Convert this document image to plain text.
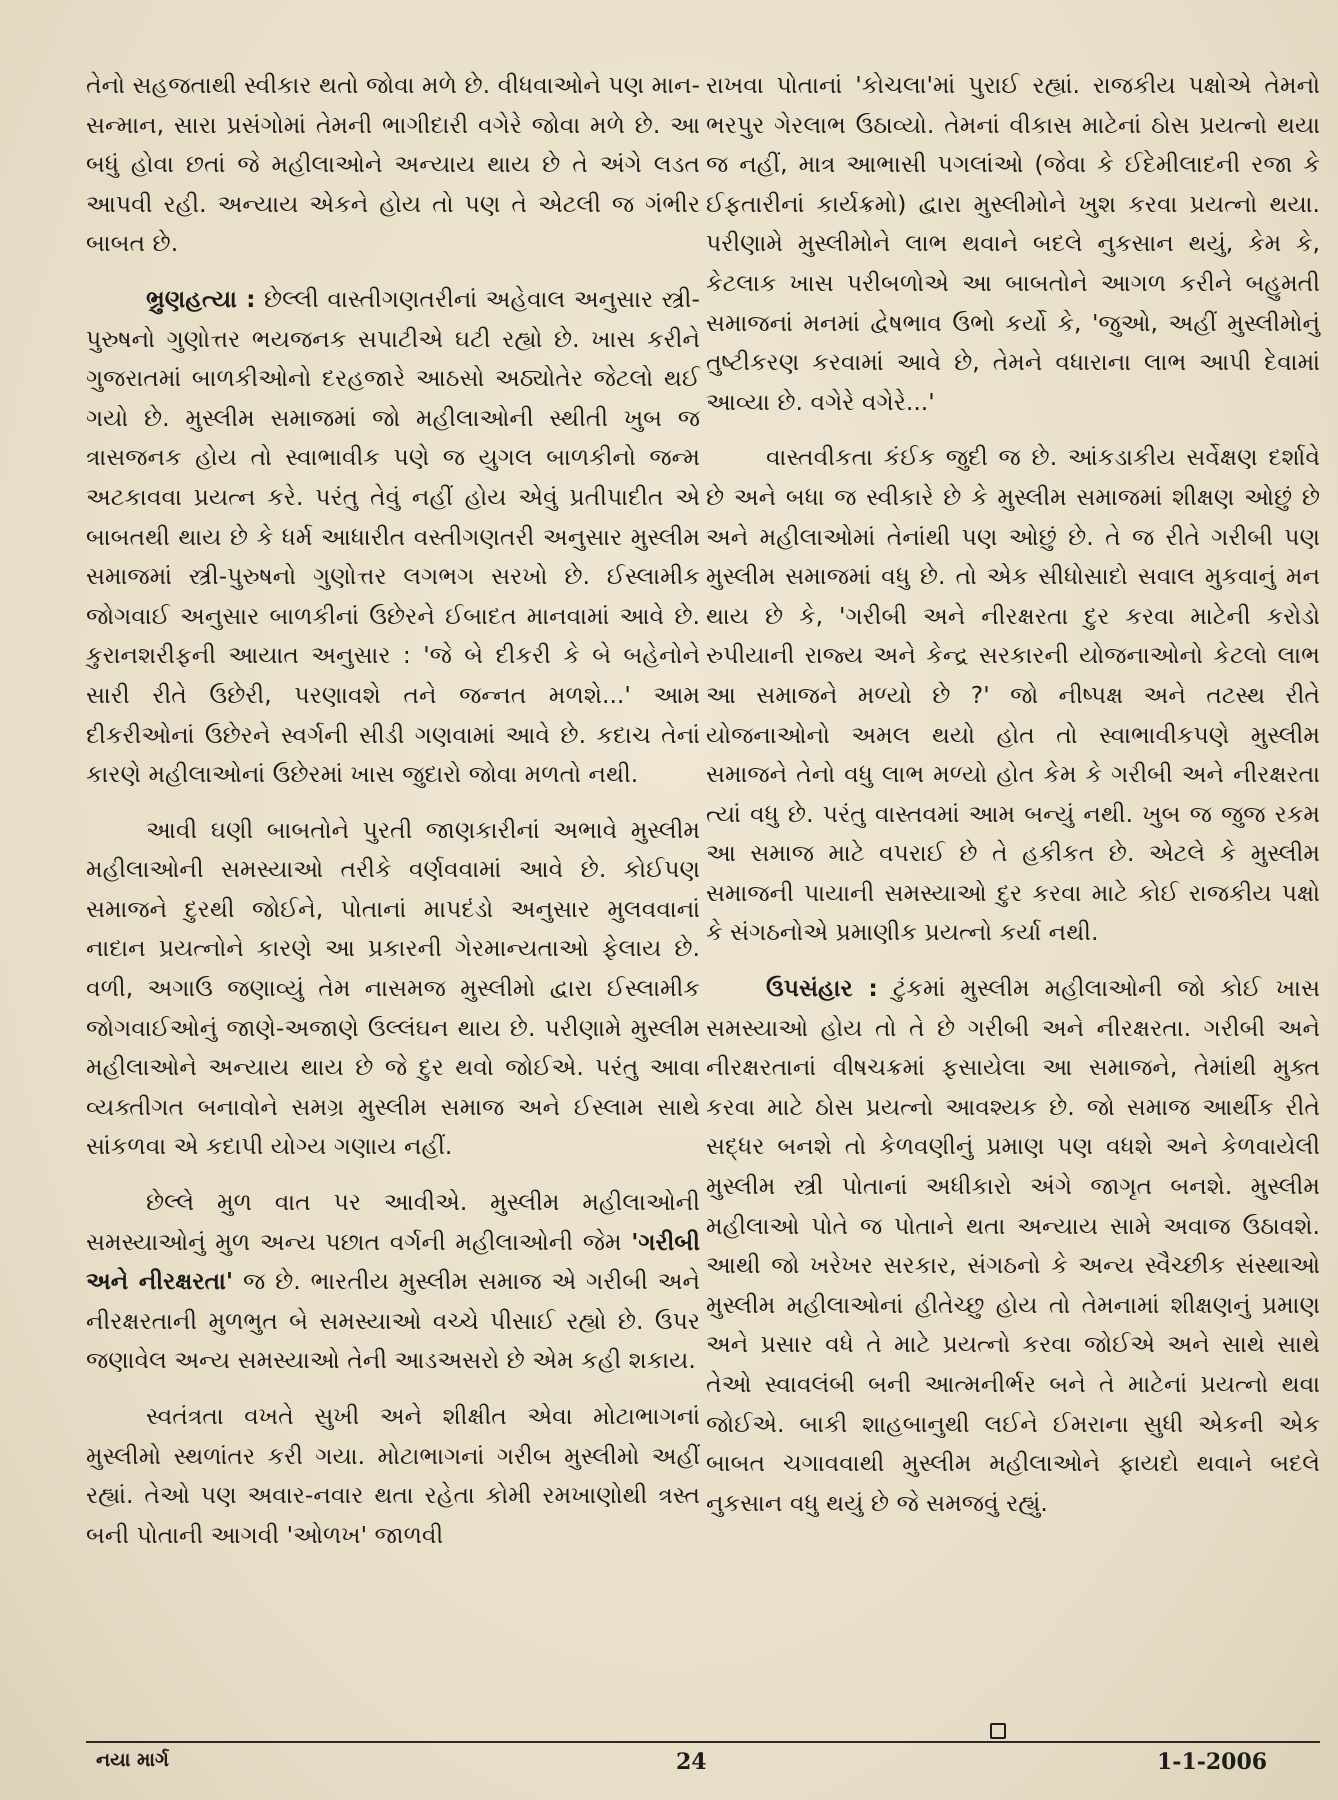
તેનો સહજતાથી સ્વીકાર થતો જોવા મળે છે. વીધવાઓને પણ માન-સન્માન, સારા પ્રસંગોમાં તેમની ભાગીદારી વગેરે જોવા મળે છે. આ બધું હોવા છતાં જે મહીલાઓને અન્યાય થાય છે તે અંગે લડત આપવી રહી. અન્યાય એકને હોય તો પણ તે એટલી જ ગંભીર બાબત છે.

ભ્રુણહત્યા : છેલ્લી વાસ્તીગણતરીનાં અહેવાલ અનુસાર સ્ત્રી-પુરુષનો ગુણોત્તર ભયજનક સપાટીએ ઘટી રહ્યો છે. ખાસ કરીને ગુજરાતમાં બાળકીઓનો દરહજારે આઠસો અઠ્યોતેર જેટલો થઈ ગયો છે. મુસ્લીમ સમાજમાં જો મહીલાઓની સ્થીતી ખુબ જ ત્રાસજનક હોય તો સ્વાભાવીક પણે જ યુગલ બાળકીનો જન્મ અટકાવવા પ્રયત્ન કરે. પરંતુ તેવું નહીં હોય એવું પ્રતીપાદીત એ બાબતથી થાય છે કે ધર્મ આધારીત વસ્તીગણતરી અનુસાર મુસ્લીમ સમાજમાં સ્ત્રી-પુરુષનો ગુણોત્તર લગભગ સરખો છે. ઈસ્લામીક જોગવાઈ અનુસાર બાળકીનાં ઉછેરને ઈબાદત માનવામાં આવે છે. કુરાનશરીફની આયાત અનુસાર : 'જે બે દીકરી કે બે બહેનોને સારી રીતે ઉછેરી, પરણાવશે તને જન્નત મળશે...' આમ દીકરીઓનાં ઉછેરને સ્વર્ગની સીડી ગણવામાં આવે છે. કદાચ તેનાં કારણે મહીલાઓનાં ઉછેરમાં ખાસ જુદારો જોવા મળતો નથી.

આવી ઘણી બાબતોને પુરતી જાણકારીનાં અભાવે મુસ્લીમ મહીલાઓની સમસ્યાઓ તરીકે વર્ણવવામાં આવે છે. કોઈપણ સમાજને દુરથી જોઈને, પોતાનાં માપદંડો અનુસાર મુલવવાનાં નાદાન પ્રયત્નોને કારણે આ પ્રકારની ગેરમાન્યતાઓ ફેલાય છે. વળી, અગાઉ જણાવ્યું તેમ નાસમજ મુસ્લીમો દ્વારા ઈસ્લામીક જોગવાઈઓનું જાણે-અજાણે ઉલ્લંઘન થાય છે. પરીણામે મુસ્લીમ મહીલાઓને અન્યાય થાય છે જે દુર થવો જોઈએ. પરંતુ આવા વ્યક્તીગત બનાવોને સમગ્ર મુસ્લીમ સમાજ અને ઈસ્લામ સાથે સાંકળવા એ કદાપી યોગ્ય ગણાય નહીં.

છેલ્લે મુળ વાત પર આવીએ. મુસ્લીમ મહીલાઓની સમસ્યાઓનું મુળ અન્ય પછાત વર્ગની મહીલાઓની જેમ 'ગરીબી અને નીરક્ષરતા' જ છે. ભારતીય મુસ્લીમ સમાજ એ ગરીબી અને નીરક્ષરતાની મુળભુત બે સમસ્યાઓ વચ્ચે પીસાઈ રહ્યો છે. ઉપર જણાવેલ અન્ય સમસ્યાઓ તેની આડઅસરો છે એમ કહી શકાય.

સ્વતંત્રતા વખતે સુખી અને શીક્ષીત એવા મોટાભાગનાં મુસ્લીમો સ્થળાંતર કરી ગયા. મોટાભાગનાં ગરીબ મુસ્લીમો અહીં રહ્યાં. તેઓ પણ અવાર-નવાર થતા રહેતા કોમી રમખાણોથી ત્રસ્ત બની પોતાની આગવી 'ઓળખ' જાળવી

રાખવા પોતાનાં 'કોચલા'માં પુરાઈ રહ્યાં. રાજકીય પક્ષોએ તેમનો ભરપુર ગેરલાભ ઉઠાવ્યો. તેમનાં વીકાસ માટેનાં ઠોસ પ્રયત્નો થયા જ નહીં, માત્ર આભાસી પગલાંઓ (જેવા કે ઈદેમીલાદની રજા કે ઈફતારીનાં કાર્યક્રમો) દ્વારા મુસ્લીમોને ખુશ કરવા પ્રયત્નો થયા. પરીણામે મુસ્લીમોને લાભ થવાને બદલે નુકસાન થયું, કેમ કે, કેટલાક ખાસ પરીબળોએ આ બાબતોને આગળ કરીને બહુમતી સમાજનાં મનમાં દ્વેષભાવ ઉભો કર્યો કે, 'જુઓ, અહીં મુસ્લીમોનું તુષ્ટીકરણ કરવામાં આવે છે, તેમને વધારાના લાભ આપી દેવામાં આવ્યા છે. વગેરે વગેરે...'

વાસ્તવીકતા કંઈક જુદી જ છે. આંકડાકીય સર્વેક્ષણ દર્શાવે છે અને બધા જ સ્વીકારે છે કે મુસ્લીમ સમાજમાં શીક્ષણ ઓછું છે અને મહીલાઓમાં તેનાંથી પણ ઓછું છે. તે જ રીતે ગરીબી પણ મુસ્લીમ સમાજમાં વધુ છે. તો એક સીધોસાદો સવાલ મુકવાનું મન થાય છે કે, 'ગરીબી અને નીરક્ષરતા દુર કરવા માટેની કરોડો રુપીયાની રાજ્ય અને કેન્દ્ર સરકારની યોજનાઓનો કેટલો લાભ આ સમાજને મળ્યો છે ?' જો નીષ્પક્ષ અને તટસ્થ રીતે યોજનાઓનો અમલ થયો હોત તો સ્વાભાવીકપણે મુસ્લીમ સમાજને તેનો વધુ લાભ મળ્યો હોત કેમ કે ગરીબી અને નીરક્ષરતા ત્યાં વધુ છે. પરંતુ વાસ્તવમાં આમ બન્યું નથી. ખુબ જ જુજ રકમ આ સમાજ માટે વપરાઈ છે તે હકીકત છે. એટલે કે મુસ્લીમ સમાજની પાયાની સમસ્યાઓ દુર કરવા માટે કોઈ રાજકીય પક્ષો કે સંગઠનોએ પ્રમાણીક પ્રયત્નો કર્યા નથી.

ઉપસંહાર : ટુંકમાં મુસ્લીમ મહીલાઓની જો કોઈ ખાસ સમસ્યાઓ હોય તો તે છે ગરીબી અને નીરક્ષરતા. ગરીબી અને નીરક્ષરતાનાં વીષચક્રમાં ફસાયેલા આ સમાજને, તેમાંથી મુક્ત કરવા માટે ઠોસ પ્રયત્નો આવશ્યક છે. જો સમાજ આર્થીક રીતે સદ્ધર બનશે તો કેળવણીનું પ્રમાણ પણ વધશે અને કેળવાયેલી મુસ્લીમ સ્ત્રી પોતાનાં અધીકારો અંગે જાગૃત બનશે. મુસ્લીમ મહીલાઓ પોતે જ પોતાને થતા અન્યાય સામે અવાજ ઉઠાવશે. આથી જો ખરેખર સરકાર, સંગઠનો કે અન્ય સ્વૈચ્છીક સંસ્થાઓ મુસ્લીમ મહીલાઓનાં હીતેચ્છુ હોય તો તેમનામાં શીક્ષણનું પ્રમાણ અને પ્રસાર વધે તે માટે પ્રયત્નો કરવા જોઈએ અને સાથે સાથે તેઓ સ્વાવલંબી બની આત્મનીર્ભર બને તે માટેનાં પ્રયત્નો થવા જોઈએ. બાકી શાહબાનુથી લઈને ઈમરાના સુધી એકની એક બાબત ચગાવવાથી મુસ્લીમ મહીલાઓને ફાયદો થવાને બદલે નુકસાન વધુ થયું છે જે સમજવું રહ્યું.

નયા માર્ગ	24	1-1-2006
